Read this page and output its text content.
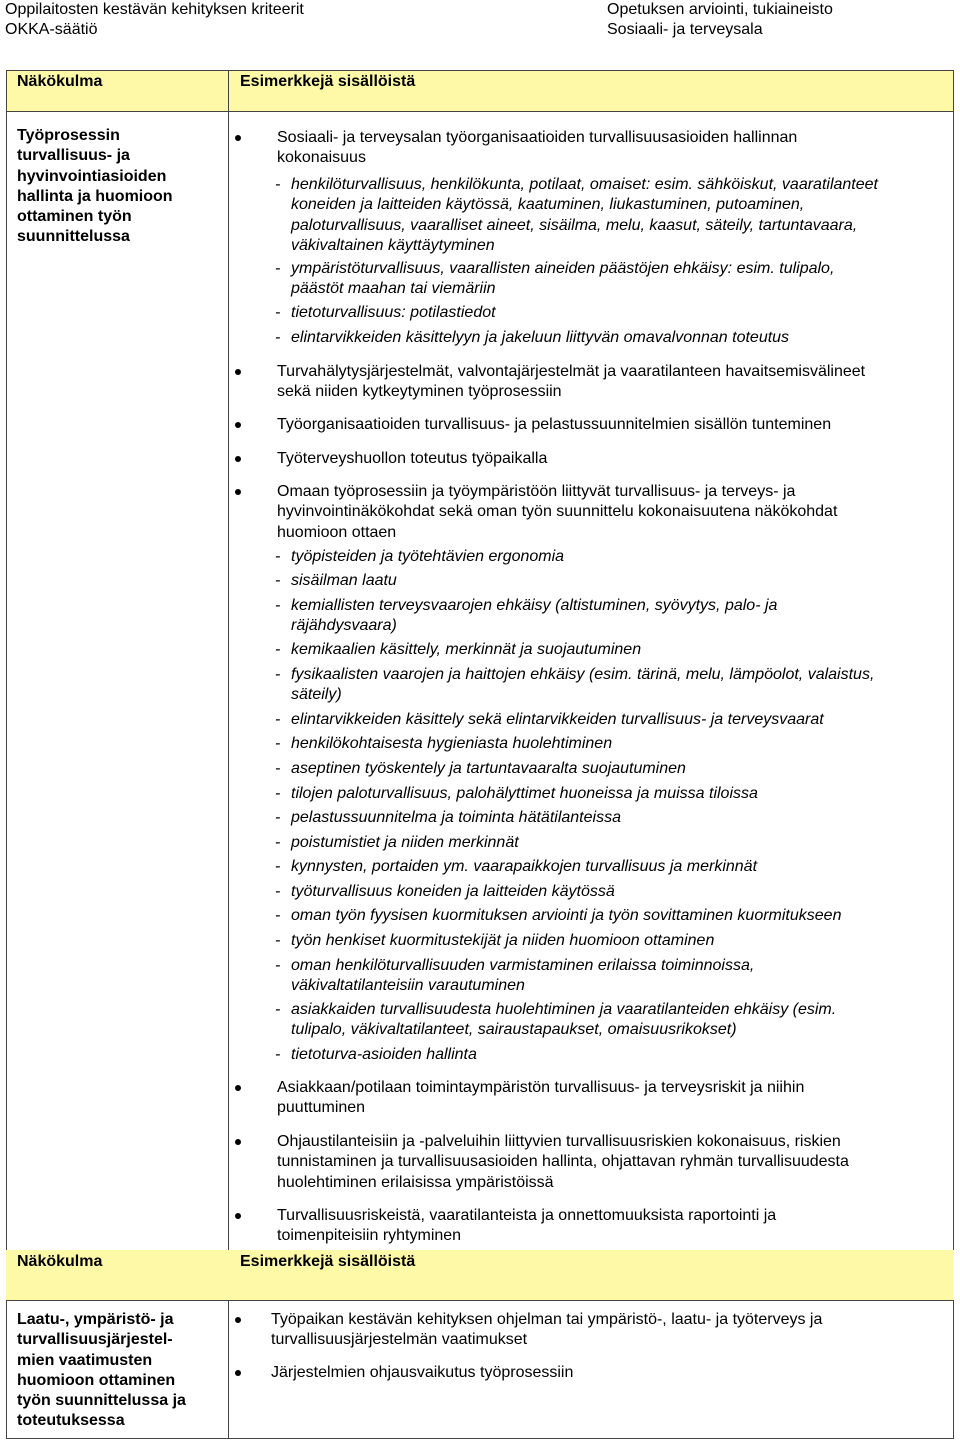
Oppilaitosten kestävän kehityksen kriteerit
OKKA-säätiö
Opetuksen arviointi, tukiaineisto
Sosiaali- ja terveysala
Näkökulma	Esimerkkejä sisällöistä
Työprosessin
turvallisuus- ja
hyvinvointiasioiden
hallinta ja huomioon
ottaminen työn
suunnittelussa
Sosiaali- ja terveysalan työorganisaatioiden turvallisuusasioiden hallinnan
kokonaisuus
- henkilöturvallisuus, henkilökunta, potilaat, omaiset: esim. sähköiskut, vaaratilanteet
koneiden ja laitteiden käytössä, kaatuminen, liukastuminen, putoaminen,
paloturvallisuus, vaaralliset aineet, sisäilma, melu, kaasut, säteily, tartuntavaara,
väkivaltainen käyttäytyminen
- ympäristöturvallisuus, vaarallisten aineiden päästöjen ehkäisy: esim. tulipalo,
päästöt maahan tai viemäriin
- tietoturvallisuus: potilastiedot
- elintarvikkeiden käsittelyyn ja jakeluun liittyvän omavalvonnan toteutus
Turvahälytysjärjestelmät, valvontajärjestelmät ja vaaratilanteen havaitsemisvälineet
sekä niiden kytkeytyminen työprosessiin
Työorganisaatioiden turvallisuus- ja pelastussuunnitelmien sisällön tunteminen
Työterveyshuollon toteutus työpaikalla
Omaan työprosessiin ja työympäristöön liittyvät turvallisuus- ja terveys- ja
hyvinvointinäkökohdat sekä oman työn suunnittelu kokonaisuutena näkökohdat
huomioon ottaen
- työpisteiden ja työtehtävien ergonomia
- sisäilman laatu
- kemiallisten terveysvaarojen ehkäisy (altistuminen, syövytys, palo- ja
räjähdysvaara)
- kemikaalien käsittely, merkinnät ja suojautuminen
- fysikaalisten vaarojen ja haittojen ehkäisy (esim. tärinä, melu, lämpöolot, valaistus,
säteily)
- elintarvikkeiden käsittely sekä elintarvikkeiden turvallisuus- ja terveysvaarat
- henkilökohtaisesta hygieniasta huolehtiminen
- aseptinen työskentely ja tartuntavaaralta suojautuminen
- tilojen paloturvallisuus, palohälyttimet huoneissa ja muissa tiloissa
- pelastussuunnitelma ja toiminta hätätilanteissa
- poistumistiet ja niiden merkinnät
- kynnysten, portaiden ym. vaarapaikkojen turvallisuus ja merkinnät
- työturvallisuus koneiden ja laitteiden käytössä
- oman työn fyysisen kuormituksen arviointi ja työn sovittaminen kuormitukseen
- työn henkiset kuormitustekijät ja niiden huomioon ottaminen
- oman henkilöturvallisuuden varmistaminen erilaissa toiminnoissa,
väkivaltatilanteisiin varautuminen
- asiakkaiden turvallisuudesta huolehtiminen ja vaaratilanteiden ehkäisy (esim.
tulipalo, väkivaltatilanteet, sairaustapaukset, omaisuusrikokset)
- tietoturva-asioiden hallinta
Asiakkaan/potilaan toimintaympäristön turvallisuus- ja terveysriskit ja niihin
puuttuminen
Ohjaustilanteisiin ja -palveluihin liittyvien turvallisuusriskien kokonaisuus, riskien
tunnistaminen ja turvallisuusasioiden hallinta, ohjattavan ryhmän turvallisuudesta
huolehtiminen erilaisissa ympäristöissä
Turvallisuusriskeistä, vaaratilanteista ja onnettomuuksista raportointi ja
toimenpiteisiin ryhtyminen
Näkökulma	Esimerkkejä sisällöistä
Laatu-, ympäristö- ja
turvallisuusjärjestel-
mien vaatimusten
huomioon ottaminen
työn suunnittelussa ja
toteutuksessa
Työpaikan kestävän kehityksen ohjelman tai ympäristö-, laatu- ja työterveys ja
turvallisuusjärjestelmän vaatimukset
Järjestelmien ohjausvaikutus työprosessiin
